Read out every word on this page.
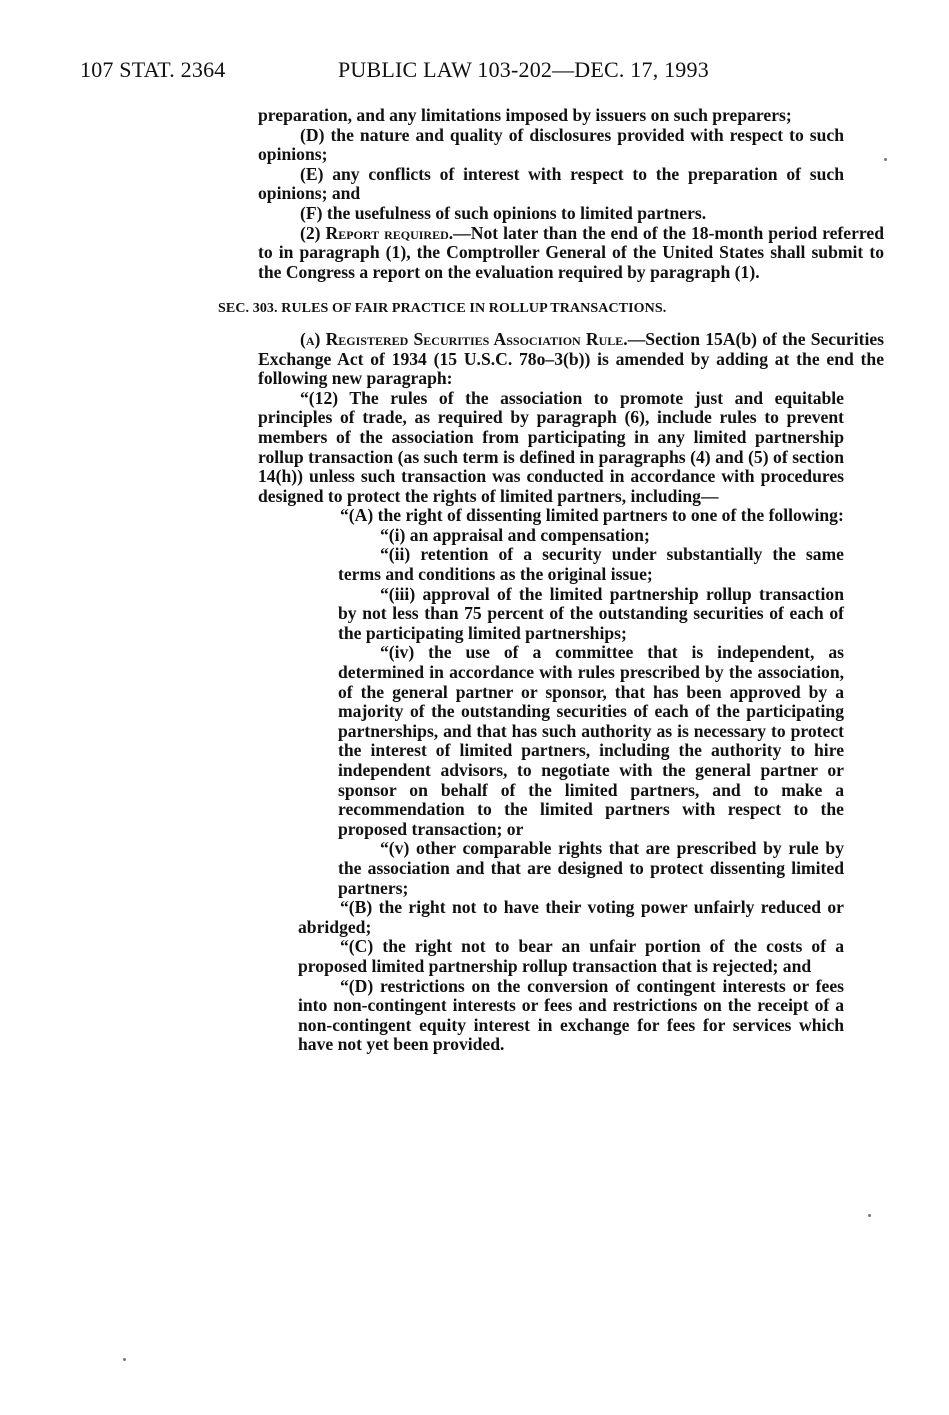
107 STAT. 2364	PUBLIC LAW 103-202—DEC. 17, 1993

preparation, and any limitations imposed by issuers on such preparers;

(D) the nature and quality of disclosures provided with respect to such opinions;

(E) any conflicts of interest with respect to the preparation of such opinions; and

(F) the usefulness of such opinions to limited partners.

(2) Report required.—Not later than the end of the 18-month period referred to in paragraph (1), the Comptroller General of the United States shall submit to the Congress a report on the evaluation required by paragraph (1).

SEC. 303. RULES OF FAIR PRACTICE IN ROLLUP TRANSACTIONS.

(a) Registered Securities Association Rule.—Section 15A(b) of the Securities Exchange Act of 1934 (15 U.S.C. 78o–3(b)) is amended by adding at the end the following new paragraph:

“(12) The rules of the association to promote just and equitable principles of trade, as required by paragraph (6), include rules to prevent members of the association from participating in any limited partnership rollup transaction (as such term is defined in paragraphs (4) and (5) of section 14(h)) unless such transaction was conducted in accordance with procedures designed to protect the rights of limited partners, including—

“(A) the right of dissenting limited partners to one of the following:

“(i) an appraisal and compensation;

“(ii) retention of a security under substantially the same terms and conditions as the original issue;

“(iii) approval of the limited partnership rollup transaction by not less than 75 percent of the outstanding securities of each of the participating limited partnerships;

“(iv) the use of a committee that is independent, as determined in accordance with rules prescribed by the association, of the general partner or sponsor, that has been approved by a majority of the outstanding securities of each of the participating partnerships, and that has such authority as is necessary to protect the interest of limited partners, including the authority to hire independent advisors, to negotiate with the general partner or sponsor on behalf of the limited partners, and to make a recommendation to the limited partners with respect to the proposed transaction; or

“(v) other comparable rights that are prescribed by rule by the association and that are designed to protect dissenting limited partners;

“(B) the right not to have their voting power unfairly reduced or abridged;

“(C) the right not to bear an unfair portion of the costs of a proposed limited partnership rollup transaction that is rejected; and

“(D) restrictions on the conversion of contingent interests or fees into non-contingent interests or fees and restrictions on the receipt of a non-contingent equity interest in exchange for fees for services which have not yet been provided.
